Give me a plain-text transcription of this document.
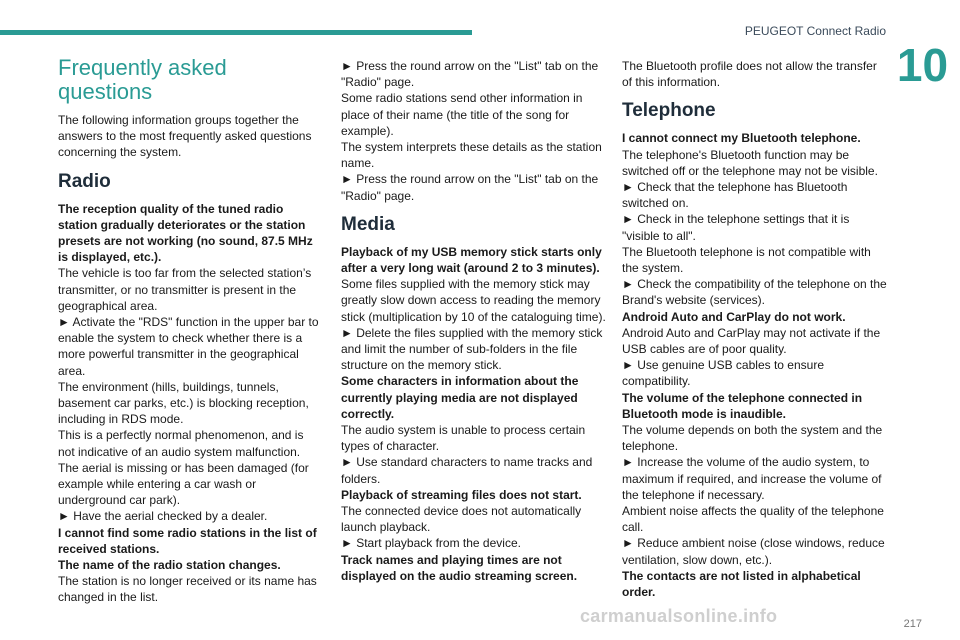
PEUGEOT Connect Radio
10
Frequently asked questions

The following information groups together the answers to the most frequently asked questions concerning the system.

Radio

The reception quality of the tuned radio station gradually deteriorates or the station presets are not working (no sound, 87.5 MHz is displayed, etc.).

The vehicle is too far from the selected station’s transmitter, or no transmitter is present in the geographical area.

► Activate the "RDS" function in the upper bar to enable the system to check whether there is a more powerful transmitter in the geographical area.

The environment (hills, buildings, tunnels, basement car parks, etc.) is blocking reception, including in RDS mode.

This is a perfectly normal phenomenon, and is not indicative of an audio system malfunction.

The aerial is missing or has been damaged (for example while entering a car wash or underground car park).

► Have the aerial checked by a dealer.

I cannot find some radio stations in the list of received stations.

The name of the radio station changes.

The station is no longer received or its name has changed in the list.

► Press the round arrow on the "List" tab on the "Radio" page.

Some radio stations send other information in place of their name (the title of the song for example).

The system interprets these details as the station name.

► Press the round arrow on the "List" tab on the "Radio" page.

Media

Playback of my USB memory stick starts only after a very long wait (around 2 to 3 minutes).

Some files supplied with the memory stick may greatly slow down access to reading the memory stick (multiplication by 10 of the cataloguing time).

► Delete the files supplied with the memory stick and limit the number of sub-folders in the file structure on the memory stick.

Some characters in information about the currently playing media are not displayed correctly.

The audio system is unable to process certain types of character.

► Use standard characters to name tracks and folders.

Playback of streaming files does not start.

The connected device does not automatically launch playback.

► Start playback from the device.

Track names and playing times are not displayed on the audio streaming screen.

The Bluetooth profile does not allow the transfer of this information.

Telephone

I cannot connect my Bluetooth telephone.

The telephone's Bluetooth function may be switched off or the telephone may not be visible.

► Check that the telephone has Bluetooth switched on.

► Check in the telephone settings that it is "visible to all".

The Bluetooth telephone is not compatible with the system.

► Check the compatibility of the telephone on the Brand's website (services).

Android Auto and CarPlay do not work.

Android Auto and CarPlay may not activate if the USB cables are of poor quality.

► Use genuine USB cables to ensure compatibility.

The volume of the telephone connected in Bluetooth mode is inaudible.

The volume depends on both the system and the telephone.

► Increase the volume of the audio system, to maximum if required, and increase the volume of the telephone if necessary.

Ambient noise affects the quality of the telephone call.

► Reduce ambient noise (close windows, reduce ventilation, slow down, etc.).

The contacts are not listed in alphabetical order.

carmanualsonline.info	217
